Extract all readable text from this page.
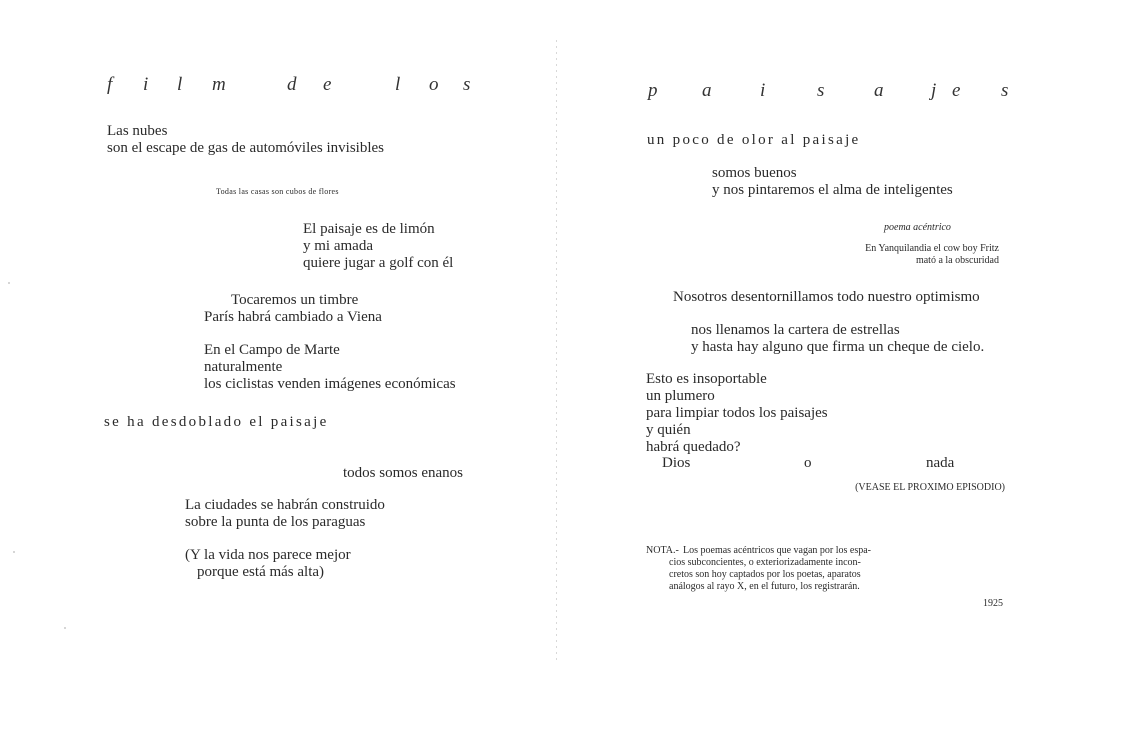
f i l m	d e	l o s
Las nubes
son el escape de gas de automóviles invisibles
Todas las casas son cubos de flores
El paisaje es de limón
y mi amada
quiere jugar a golf con él
Tocaremos un timbre
París habrá cambiado a Viena
En el Campo de Marte
naturalmente
los ciclistas venden imágenes económicas
se ha desdoblado el paisaje
todos somos enanos
La ciudades se habrán construido
sobre la punta de los paraguas
(Y la vida nos parece mejor
porque está más alta)
p a	i	s	a	j e s
un poco de olor al paisaje
somos buenos
y nos pintaremos el alma de inteligentes
poema acéntrico
En Yanquilandia el cow boy Fritz
mató a la obscuridad
Nosotros desentornillamos todo nuestro optimismo
nos llenamos la cartera de estrellas
y hasta hay alguno que firma un cheque de cielo.
Esto es insoportable
un plumero
para limpiar todos los paisajes
y quién
habrá quedado?
Dios	o	nada
(VEASE EL PROXIMO EPISODIO)
NOTA.- Los poemas acéntricos que vagan por los espa-
cios subconcientes, o exteriorizadamente incon-
cretos son hoy captados por los poetas, aparatos
análogos al rayo X, en el futuro, los registrarán.
1925
